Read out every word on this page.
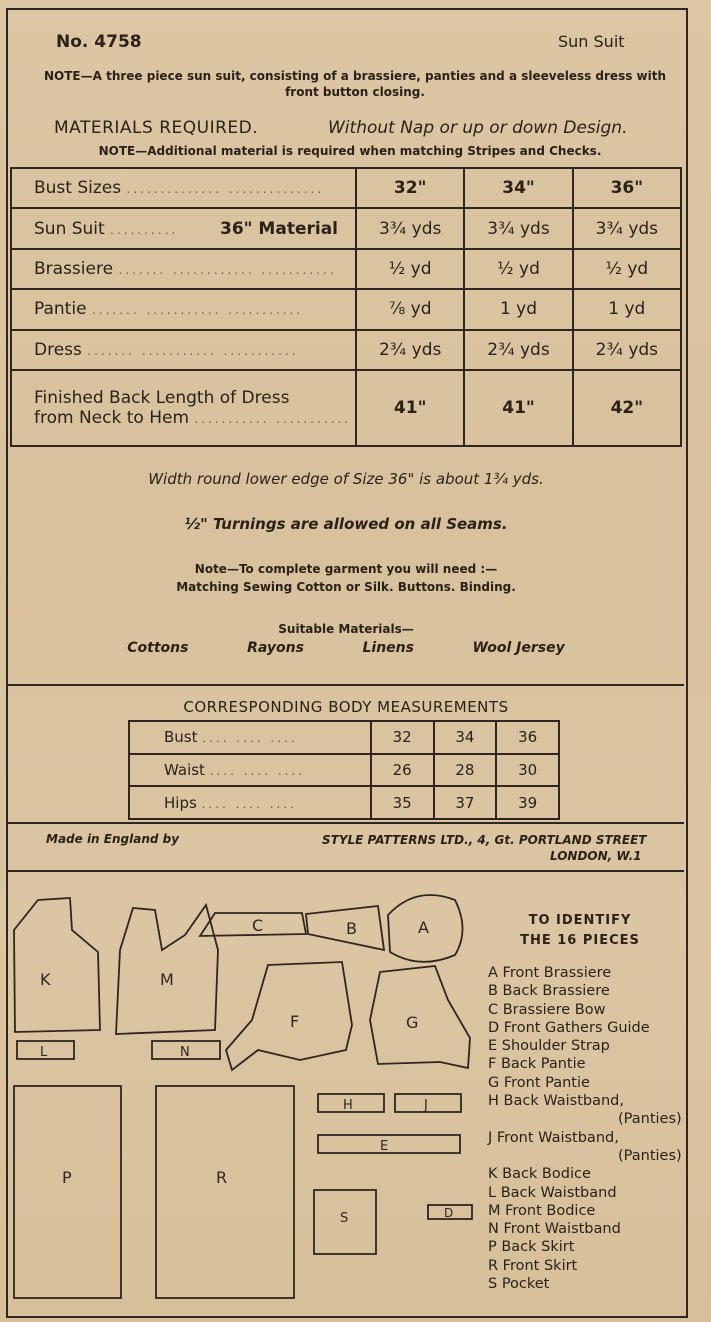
No. 4758	Sun Suit
NOTE—A three piece sun suit, consisting of a brassiere, panties and a sleeveless dress with front button closing.
MATERIALS REQUIRED.	Without Nap or up or down Design.
NOTE—Additional material is required when matching Stripes and Checks.
Bust Sizes .............. ..............	32"	34"	36"
Sun Suit .......... 36" Material	3¾ yds	3¾ yds	3¾ yds
Brassiere ....... ............ ...........	½ yd	½ yd	½ yd
Pantie ....... ........... ...........	⅞ yd	1 yd	1 yd
Dress ....... ........... ...........	2¾ yds	2¾ yds	2¾ yds
Finished Back Length of Dress
from Neck to Hem ........... ...........	41"	41"	42"
Width round lower edge of Size 36" is about 1¾ yds.
½" Turnings are allowed on all Seams.
Note—To complete garment you will need :—
Matching Sewing Cotton or Silk. Buttons. Binding.
Suitable Materials—
Cottons	Rayons	Linens	Wool Jersey
CORRESPONDING BODY MEASUREMENTS
Bust .... .... ....	32	34	36
Waist .... .... ....	26	28	30
Hips .... .... ....	35	37	39
Made in England by	STYLE PATTERNS LTD., 4, Gt. PORTLAND STREET
LONDON, W.1
K	M
C	B	A
F	G
L	N
H	J
E
P	R
S	D
TO IDENTIFY
THE 16 PIECES
A Front Brassiere
B Back Brassiere
C Brassiere Bow
D Front Gathers Guide
E Shoulder Strap
F Back Pantie
G Front Pantie
H Back Waistband,
(Panties)
J Front Waistband,
(Panties)
K Back Bodice
L Back Waistband
M Front Bodice
N Front Waistband
P Back Skirt
R Front Skirt
S Pocket
